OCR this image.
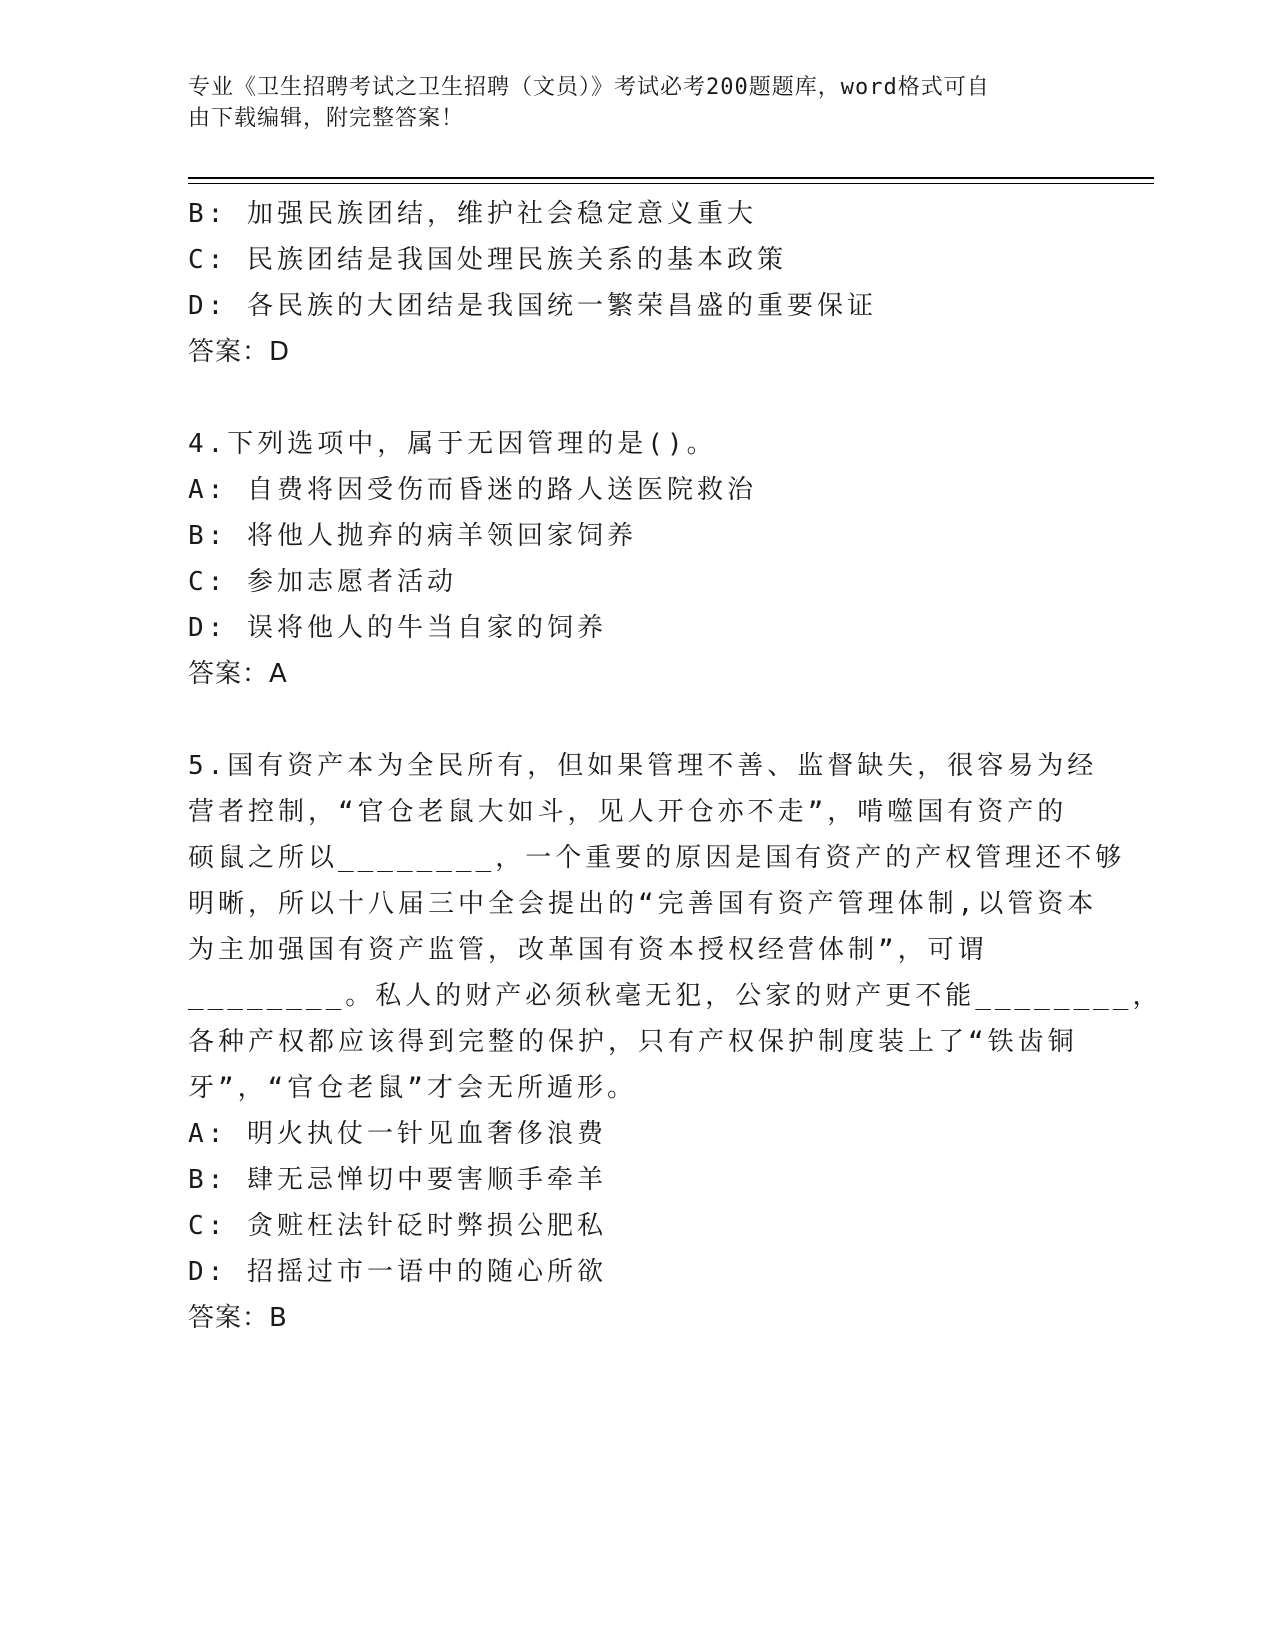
专业《卫生招聘考试之卫生招聘（文员）》考试必考200题题库，word格式可自
由下载编辑，附完整答案！

B: 加强民族团结，维护社会稳定意义重大

C: 民族团结是我国处理民族关系的基本政策

D: 各民族的大团结是我国统一繁荣昌盛的重要保证

答案：D

4.下列选项中，属于无因管理的是()。

A: 自费将因受伤而昏迷的路人送医院救治

B: 将他人抛弃的病羊领回家饲养

C: 参加志愿者活动

D: 误将他人的牛当自家的饲养

答案：A

5.国有资产本为全民所有，但如果管理不善、监督缺失，很容易为经

营者控制，“官仓老鼠大如斗，见人开仓亦不走”，啃噬国有资产的

硕鼠之所以________，一个重要的原因是国有资产的产权管理还不够

明晰，所以十八届三中全会提出的“完善国有资产管理体制,以管资本

为主加强国有资产监管，改革国有资本授权经营体制”，可谓

________。私人的财产必须秋毫无犯，公家的财产更不能________，

各种产权都应该得到完整的保护，只有产权保护制度装上了“铁齿铜

牙”，“官仓老鼠”才会无所遁形。

A: 明火执仗一针见血奢侈浪费

B: 肆无忌惮切中要害顺手牵羊

C: 贪赃枉法针砭时弊损公肥私

D: 招摇过市一语中的随心所欲

答案：B
